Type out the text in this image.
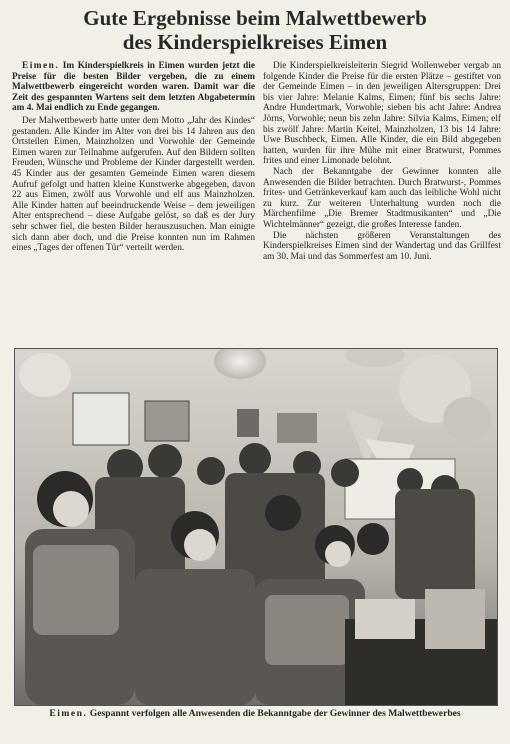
Gute Ergebnisse beim Malwettbewerb
des Kinderspielkreises Eimen

Eimen. Im Kinderspielkreis in Eimen wurden jetzt die Preise für die besten Bilder vergeben, die zu einem Malwettbewerb eingereicht worden waren. Damit war die Zeit des gespannten Wartens seit dem letzten Abgabetermin am 4. Mai endlich zu Ende gegangen.

Der Malwettbewerb hatte unter dem Motto „Jahr des Kindes“ gestanden. Alle Kinder im Alter von drei bis 14 Jahren aus den Ortsteilen Eimen, Mainzholzen und Vorwohle der Gemeinde Eimen waren zur Teilnahme aufgerufen. Auf den Bildern sollten Freuden, Wünsche und Probleme der Kinder dargestellt werden. 45 Kinder aus der gesamten Gemeinde Eimen waren diesem Aufruf gefolgt und hatten kleine Kunstwerke abgegeben, davon 22 aus Eimen, zwölf aus Vorwohle und elf aus Mainzholzen. Alle Kinder hatten auf beeindruckende Weise – dem jeweiligen Alter entsprechend – diese Aufgabe gelöst, so daß es der Jury sehr schwer fiel, die besten Bilder herauszusuchen. Man einigte sich dann aber doch, und die Preise konnten nun im Rahmen eines „Tages der offenen Tür“ verteilt werden.

Die Kinderspielkreisleiterin Siegrid Wollenweber vergab an folgende Kinder die Preise für die ersten Plätze – gestiftet von der Gemeinde Eimen – in den jeweiligen Altersgruppen: Drei bis vier Jahre: Melanie Kalms, Eimen; fünf bis sechs Jahre: Andre Hundertmark, Vorwohle; sieben bis acht Jahre: Andrea Jörns, Vorwohle; neun bis zehn Jahre: Silvia Kalms, Eimen; elf bis zwölf Jahre: Martin Keitel, Mainzholzen, 13 bis 14 Jahre: Uwe Buschbeck, Eimen. Alle Kinder, die ein Bild abgegeben hatten, wurden für ihre Mühe mit einer Bratwurst, Pommes frites und einer Limonade belohnt.

Nach der Bekanntgabe der Gewinner konnten alle Anwesenden die Bilder betrachten. Durch Bratwurst-, Pommes frites- und Getränkeverkauf kam auch das leibliche Wohl nicht zu kurz. Zur weiteren Unterhaltung wurden noch die Märchenfilme „Die Bremer Stadtmusikanten“ und „Die Wichtelmänner“ gezeigt, die großes Interesse fanden.

Die nächsten größeren Veranstaltungen des Kinderspielkreises Eimen sind der Wandertag und das Grillfest am 30. Mai und das Sommerfest am 10. Juni.

Eimen. Gespannt verfolgen alle Anwesenden die Bekanntgabe der Gewinner des Malwettbewerbes
